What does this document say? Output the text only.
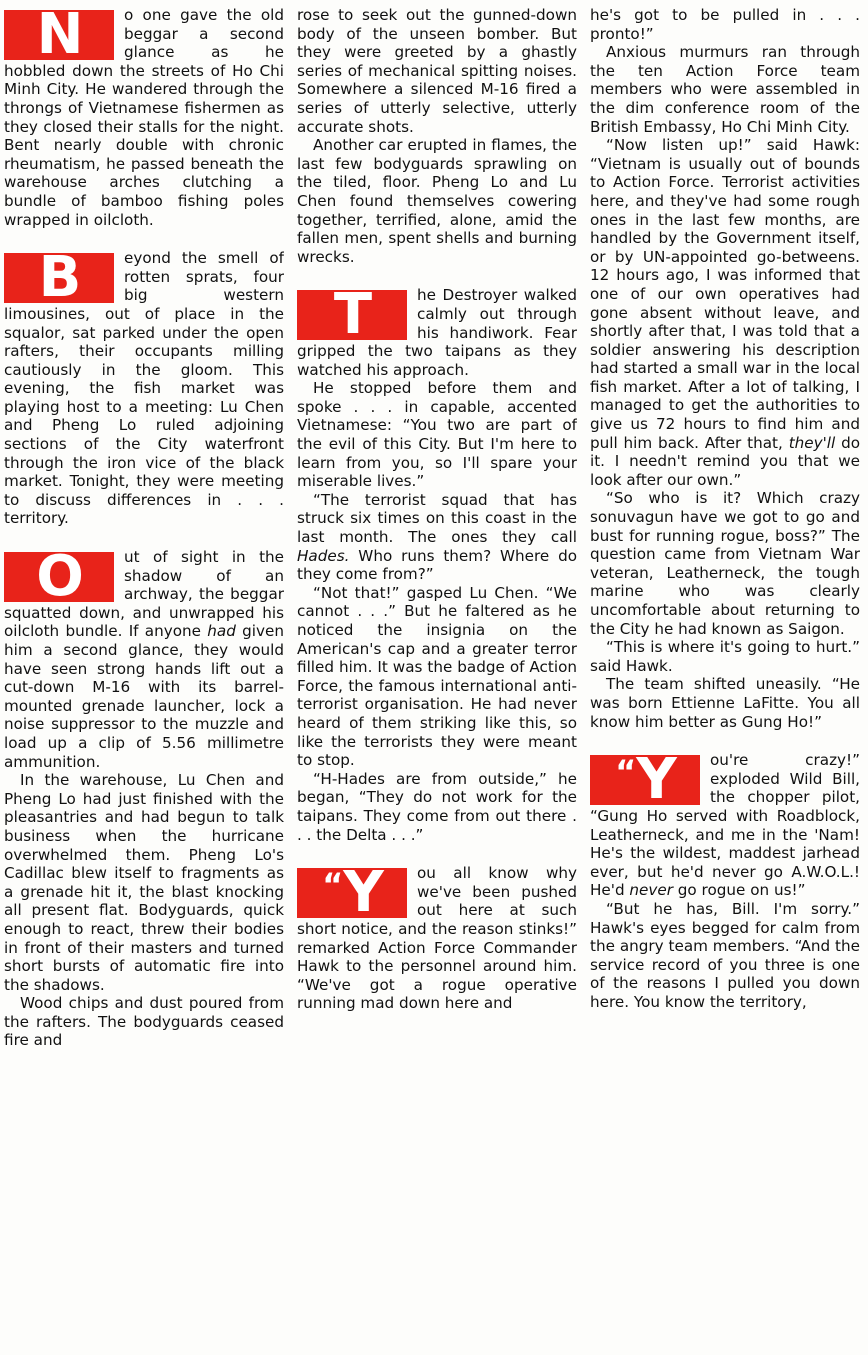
N	o one gave the old beggar a second glance as he hobbled down the streets of Ho Chi Minh City. He wandered through the throngs of Vietnamese fishermen as they closed their stalls for the night. Bent nearly double with chronic rheumatism, he passed beneath the warehouse arches clutching a bundle of bamboo fishing poles wrapped in oilcloth.

B	eyond the smell of rotten sprats, four big western limousines, out of place in the squalor, sat parked under the open rafters, their occupants milling cautiously in the gloom. This evening, the fish market was playing host to a meeting: Lu Chen and Pheng Lo ruled adjoining sections of the City waterfront through the iron vice of the black market. Tonight, they were meeting to discuss differences in . . . territory.

O	ut of sight in the shadow of an archway, the beggar squatted down, and unwrapped his oilcloth bundle. If anyone had given him a second glance, they would have seen strong hands lift out a cut-down M-16 with its barrel-mounted grenade launcher, lock a noise suppressor to the muzzle and load up a clip of 5.56 millimetre ammunition.

In the warehouse, Lu Chen and Pheng Lo had just finished with the pleasantries and had begun to talk business when the hurricane overwhelmed them. Pheng Lo's Cadillac blew itself to fragments as a grenade hit it, the blast knocking all present flat. Bodyguards, quick enough to react, threw their bodies in front of their masters and turned short bursts of automatic fire into the shadows.

Wood chips and dust poured from the rafters. The bodyguards ceased fire and

rose to seek out the gunned-down body of the unseen bomber. But they were greeted by a ghastly series of mechanical spitting noises. Somewhere a silenced M-16 fired a series of utterly selective, utterly accurate shots.

Another car erupted in flames, the last few bodyguards sprawling on the tiled, floor. Pheng Lo and Lu Chen found themselves cowering together, terrified, alone, amid the fallen men, spent shells and burning wrecks.

T	he Destroyer walked calmly out through his handiwork. Fear gripped the two taipans as they watched his approach.

He stopped before them and spoke . . . in capable, accented Vietnamese: “You two are part of the evil of this City. But I'm here to learn from you, so I'll spare your miserable lives.”

“The terrorist squad that has struck six times on this coast in the last month. The ones they call Hades. Who runs them? Where do they come from?”

“Not that!” gasped Lu Chen. “We cannot . . .” But he faltered as he noticed the insignia on the American's cap and a greater terror filled him. It was the badge of Action Force, the famous international anti-terrorist organisation. He had never heard of them striking like this, so like the terrorists they were meant to stop.

“H-Hades are from outside,” he began, “They do not work for the taipans. They come from out there . . . the Delta . . .”

“Y	ou all know why we've been pushed out here at such short notice, and the reason stinks!” remarked Action Force Commander Hawk to the personnel around him. “We've got a rogue operative running mad down here and

he's got to be pulled in . . . pronto!”

Anxious murmurs ran through the ten Action Force team members who were assembled in the dim conference room of the British Embassy, Ho Chi Minh City.

“Now listen up!” said Hawk: “Vietnam is usually out of bounds to Action Force. Terrorist activities here, and they've had some rough ones in the last few months, are handled by the Government itself, or by UN-appointed go-betweens. 12 hours ago, I was informed that one of our own operatives had gone absent without leave, and shortly after that, I was told that a soldier answering his description had started a small war in the local fish market. After a lot of talking, I managed to get the authorities to give us 72 hours to find him and pull him back. After that, they'll do it. I needn't remind you that we look after our own.”

“So who is it? Which crazy sonuvagun have we got to go and bust for running rogue, boss?” The question came from Vietnam War veteran, Leatherneck, the tough marine who was clearly uncomfortable about returning to the City he had known as Saigon.

“This is where it's going to hurt.” said Hawk.

The team shifted uneasily. “He was born Ettienne LaFitte. You all know him better as Gung Ho!”

“Y	ou're crazy!” exploded Wild Bill, the chopper pilot, “Gung Ho served with Roadblock, Leatherneck, and me in the 'Nam! He's the wildest, maddest jarhead ever, but he'd never go A.W.O.L.! He'd never go rogue on us!”

“But he has, Bill. I'm sorry.” Hawk's eyes begged for calm from the angry team members. “And the service record of you three is one of the reasons I pulled you down here. You know the territory,
